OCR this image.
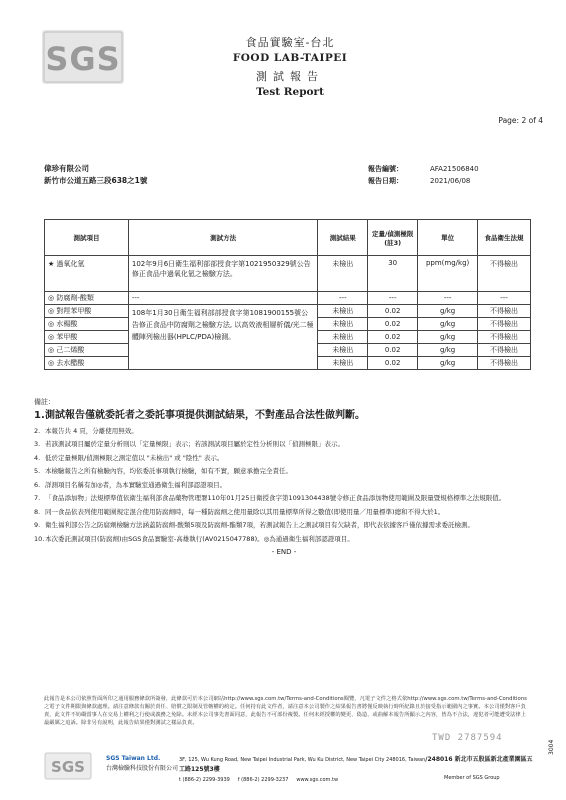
SGS	食品實驗室-台北
FOOD LAB-TAIPEI
測試報告
Test Report
Page: 2 of 4
偉珍有限公司
新竹市公道五路三段638之1號
報告編號：	AFA21506840
報告日期：	2021/06/08
測試項目	測試方法	測試結果	定量/偵測極限 (註3)	單位	食品衛生法規
★ 過氧化氫	102年9月6日衛生福利部部授食字第1021950329號公告修正食品中過氧化氫之檢驗方法。	未檢出	30	ppm(mg/kg)	不得檢出
◎ 防腐劑-酸類	---	---	---	---	---
◎ 對羥苯甲酸	108年1月30日衛生福利部部授食字第1081900155號公告修正食品中防腐劑之檢驗方法, 以高效液相層析儀/光二極體陣列檢出器(HPLC/PDA)檢測。	未檢出	0.02	g/kg	不得檢出
◎ 水楊酸		未檢出	0.02	g/kg	不得檢出
◎ 苯甲酸		未檢出	0.02	g/kg	不得檢出
◎ 己二烯酸		未檢出	0.02	g/kg	不得檢出
◎ 去水醋酸		未檢出	0.02	g/kg	不得檢出
備註：
1. 測試報告僅就委託者之委託事項提供測試結果，不對產品合法性做判斷。
2. 本報告共 4 頁，分離使用無效。
3. 若該測試項目屬於定量分析則以「定量極限」表示；若該測試項目屬於定性分析則以「偵測極限」表示。
4. 低於定量極限/偵測極限之測定值以 "未檢出" 或 "陰性" 表示。
5. 本檢驗報告之所有檢驗內容，均依委託事項執行檢驗，如有不實，願意承擔完全責任。
6. 詳測項目名稱有加◎者，為本實驗室通過衛生福利部認證項目。
7. 「食品添加物」法規標準值依衛生福利部食品藥物管理署110年01月25日衛授食字第1091304438號令修正食品添加物使用範圍及限量暨規格標準之法規限值。
8. 同一食品依表列使用範圍規定混合使用防腐劑時，每一種防腐劑之使用量除以其用量標準所得之數值(即使用量／用量標準)總和不得大於1。
9. 衛生福利部公告之防腐劑檢驗方法涵蓋防腐劑-酸類5項及防腐劑-酯類7項，若測試報告上之測試項目有欠缺者，即代表依據客戶僅依據需求委託檢測。
10. 本次委託測試項目(防腐劑)由SGS食品實驗室-高雄執行(AV0215047788)。◎為通過衛生福利部認證項目。
- END -
TWD 2787594
此報告是本公司依照背面所印之通用服務條款所簽發，此條款可於本公司網站http://www.sgs.com.tw/Terms-and-Conditions閱覽，凡電子文件之格式依http://www.sgs.com.tw/Terms-and-Conditions之電子文件期限與條款處理。請注意條款有關於責任、賠償之限制及管轄權的約定。任何持有此文件者，請注意本公司製作之結果報告書將僅反映執行時所紀錄且於接受指示範圍內之事實。本公司僅對客戶負責，此文件不妨礙當事人在交易上權利之行使或義務之免除。未經本公司事先書面同意，此報告不可部份複製。任何未經授權的變更、偽造、或曲解本報告所顯示之內容，皆為不合法，違犯者可能遭受法律上最嚴厲之追訴。除非另有說明，此報告結果僅對測試之樣品負責。
SGS	SGS Taiwan Ltd.
台灣檢驗科技股份有限公司
3F, 125, Wu Kung Road, New Taipei Industrial Park, Wu Ku District, New Taipei City 248016, Taiwan/248016 新北市五股區新北產業園區五工路125號3樓
t (886-2) 2299-3939 f (886-2) 2299-3237 www.sgs.com.tw	Member of SGS Group
3004
